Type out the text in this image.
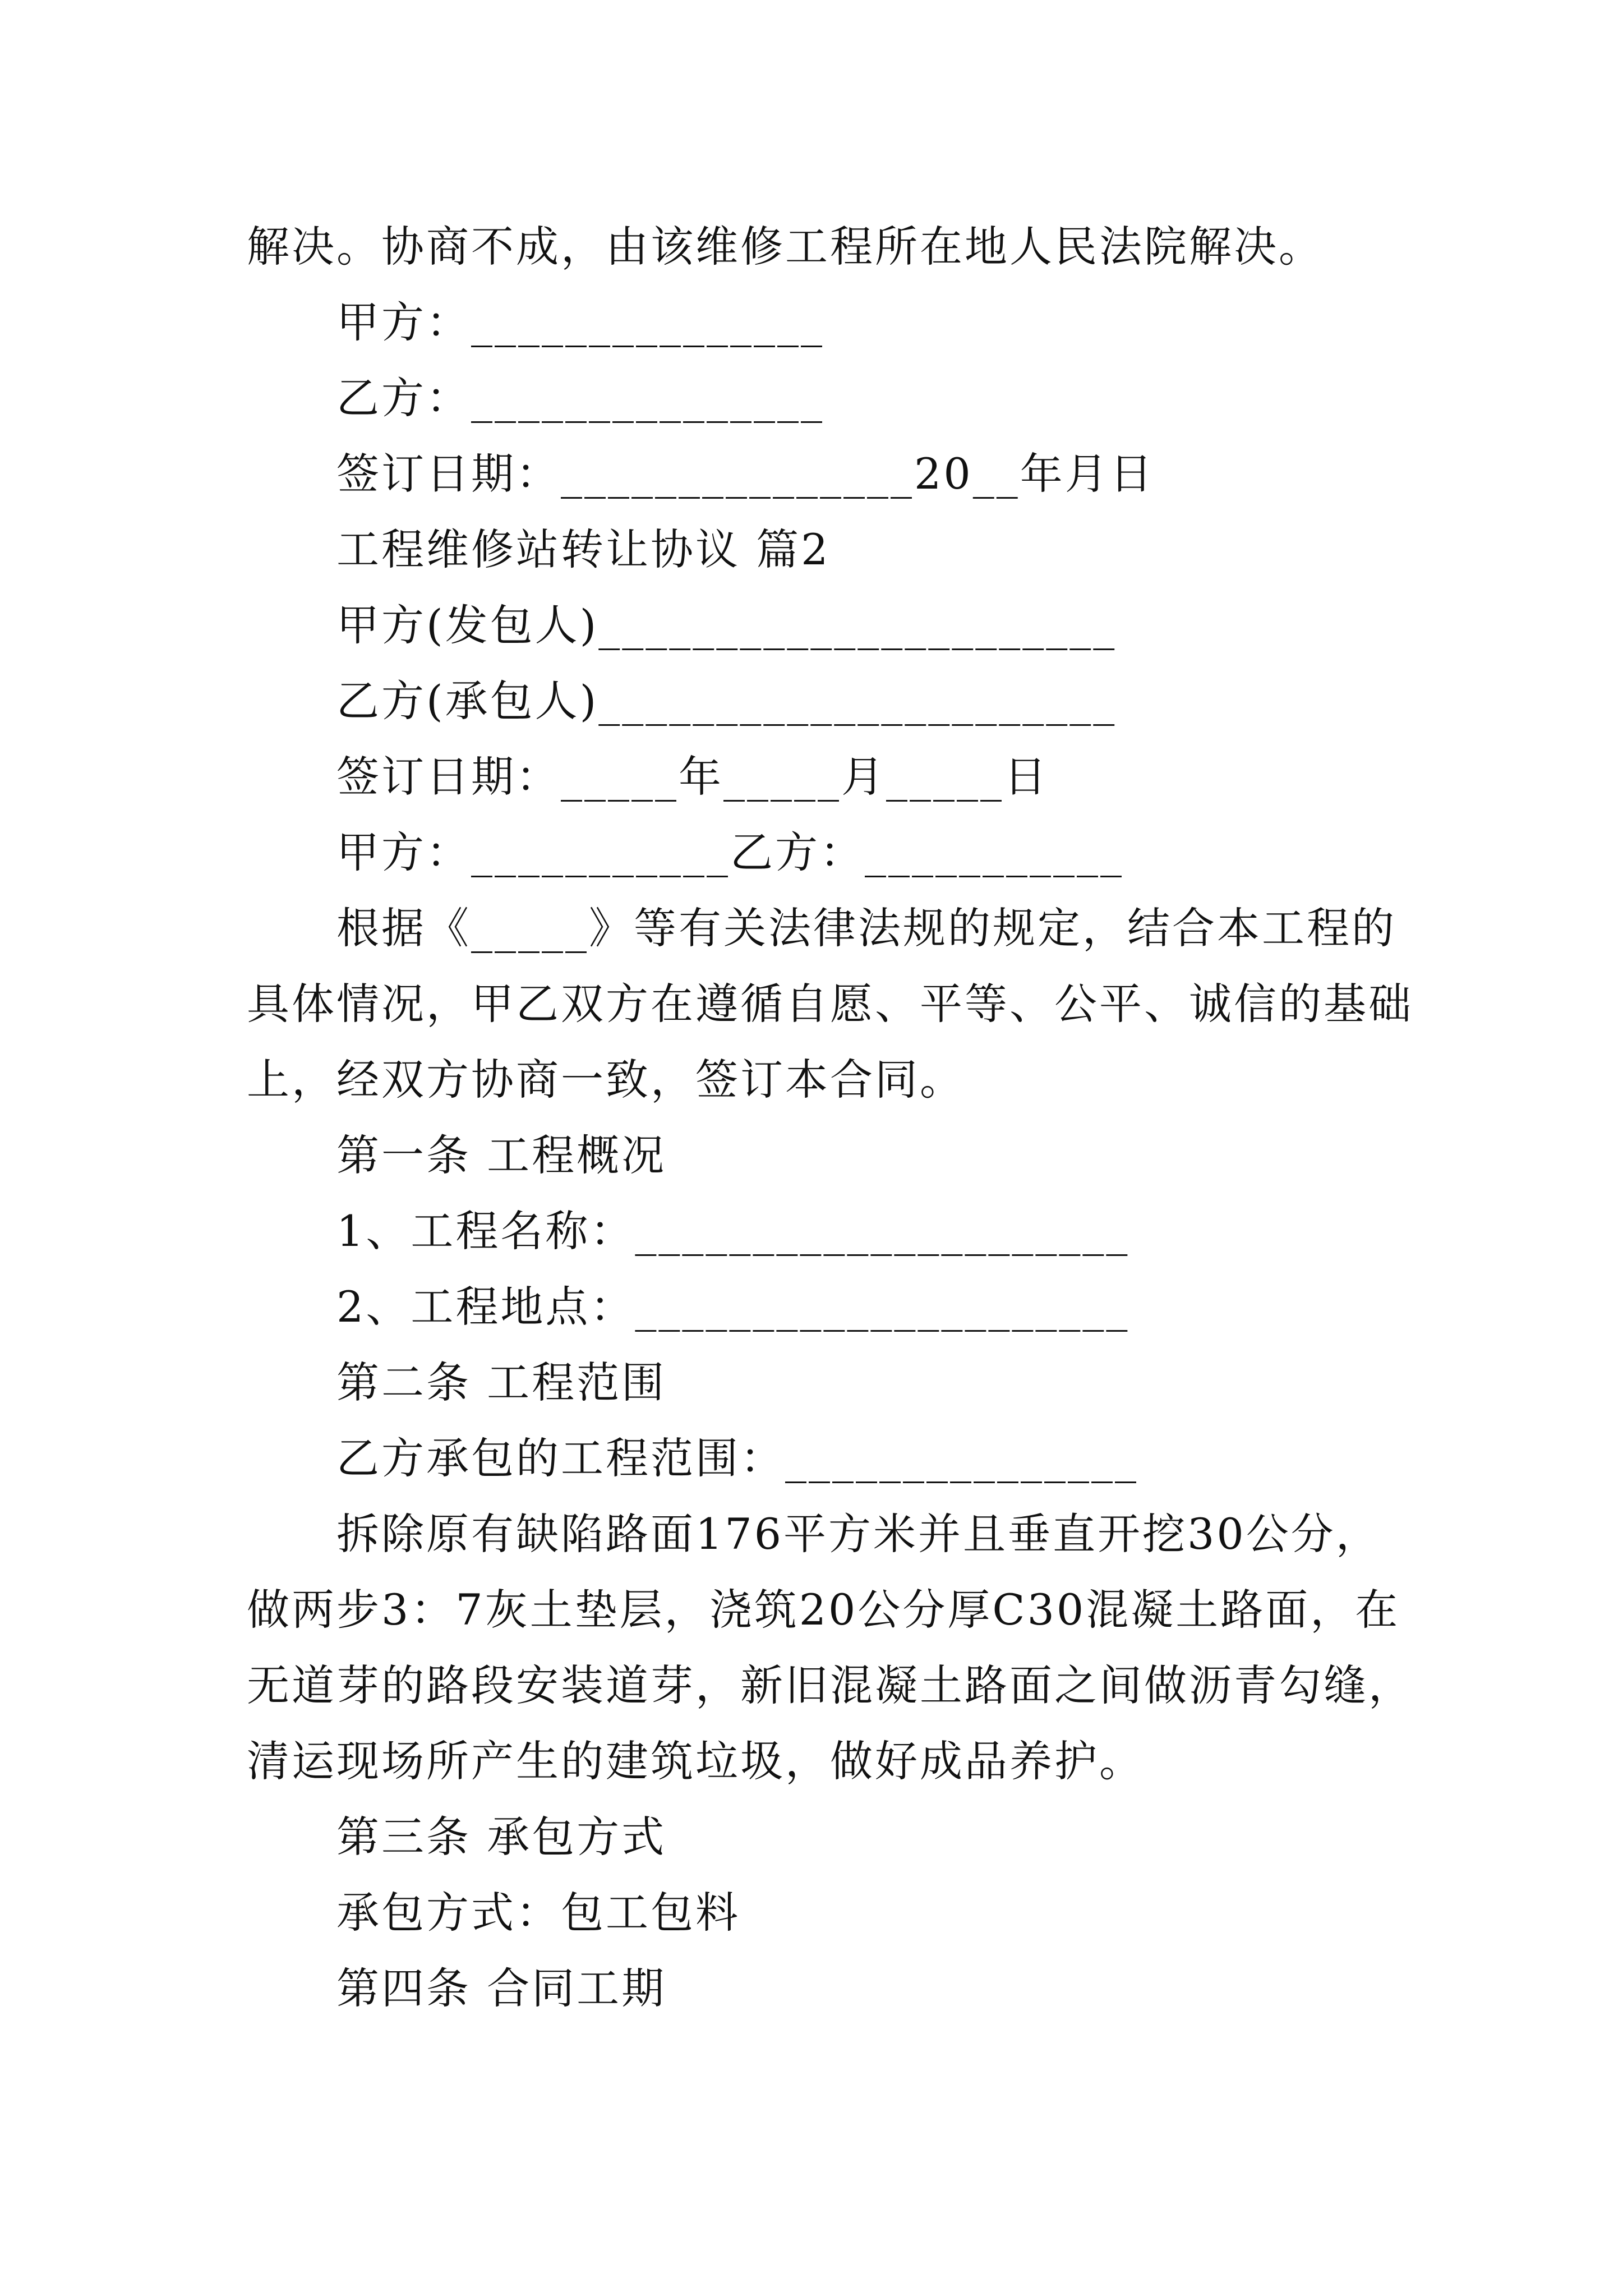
解决。协商不成，由该维修工程所在地人民法院解决。
甲方：_______________
乙方：_______________
签订日期：_______________20__年月日
工程维修站转让协议 篇2
甲方(发包人)______________________
乙方(承包人)______________________
签订日期：_____年_____月_____日
甲方：___________乙方：___________
根据《_____》等有关法律法规的规定，结合本工程的
具体情况，甲乙双方在遵循自愿、平等、公平、诚信的基础
上，经双方协商一致，签订本合同。
第一条 工程概况
1、工程名称：_____________________
2、工程地点：_____________________
第二条 工程范围
乙方承包的工程范围：_______________
拆除原有缺陷路面176平方米并且垂直开挖30公分，
做两步3：7灰土垫层，浇筑20公分厚C30混凝土路面，在
无道芽的路段安装道芽，新旧混凝土路面之间做沥青勾缝，
清运现场所产生的建筑垃圾，做好成品养护。
第三条 承包方式
承包方式：包工包料
第四条 合同工期
